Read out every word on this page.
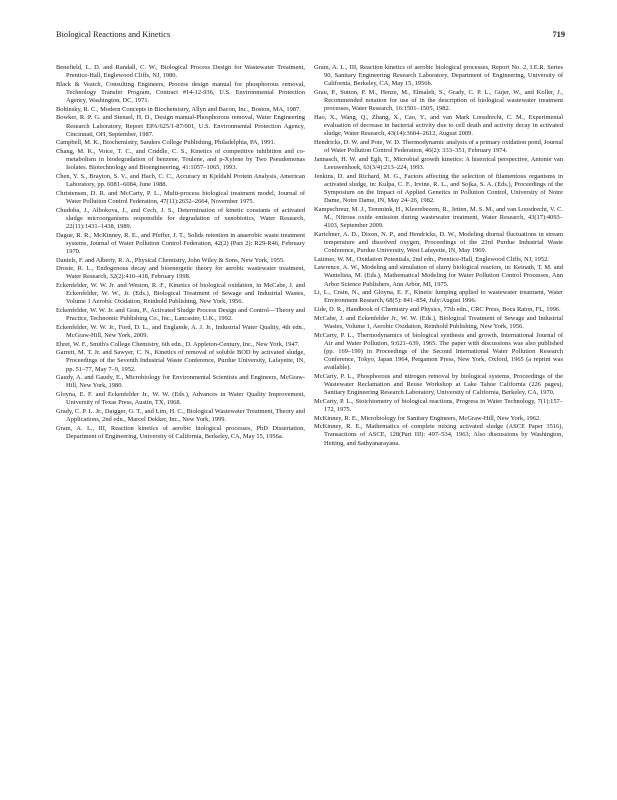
Biological Reactions and Kinetics	719

Benefield, L. D. and Randall, C. W., Biological Process Design for Wastewater Treatment, Prentice-Hall, Englewood Cliffs, NJ, 1980.

Black & Veatch, Consulting Engineers, Process design manual for phosphorous removal, Technology Transfer Program, Contract #14-12-936, U.S. Environmental Protection Agency, Washington, DC, 1971.

Bohinsky, R. C., Modern Concepts in Biochemistry, Allyn and Bacon, Inc., Boston, MA, 1987.

Bowker, R. P. G. and Stensel, H. D., Design manual-Phosphorous removal, Water Engineering Research Laboratory, Report EPA/625/1-87/001, U.S. Environmental Protection Agency, Cincinnati, OH, September, 1987.

Campbell, M. K., Biochemistry, Sanders College Publishing, Philadelphia, PA, 1991.

Chang, M. K., Voice, T. C., and Criddle, C. S., Kinetics of competitive inhibition and co-metabolism in biodegradation of benzene, Toulene, and p-Xylene by Two Pseudomonas Isolates. Biotechnology and Bioengineering, 41:1057–1065, 1993.

Chen, Y. S., Brayton, S. V., and Hach, C. C., Accuracy in Kjeldahl Protein Analysis, American Laboratory, pp. 6081–6084, June 1988.

Christensen, D. R. and McCarty, P. L., Multi-process biological treatment model, Journal of Water Pollution Control Federation, 47(11):2652–2664, November 1975.

Chudoba, J., Albokova, J., and Cech, J. S., Determination of kinetic constants of activated sludge microorganisms responsible for degradation of xenobiotics, Water Research, 22(11):1431–1438, 1989.

Dague, R. R., McKinney, R. E., and Pfeffer, J. T., Solids retention in anaerobic waste treatment systems, Journal of Water Pollution Control Federation, 42(2) (Part 2): R29-R46, February 1970.

Daniels, F. and Alberty, R. A., Physical Chemistry, John Wiley & Sons, New York, 1955.

Droste, R. L., Endogenous decay and bioenergetic theory for aerobic wastewater treatment, Water Research, 32(2):410–418, February 1998.

Eckenfelder, W. W. Jr. and Weston, R. F., Kinetics of biological oxidation, in McCabe, J. and Eckenfelder, W. W., Jr. (Eds.), Biological Treatment of Sewage and Industrial Wastes, Volume 1 Aerobic Oxidation, Reinhold Publishing, New York, 1956.

Eckenfelder, W. W. Jr. and Grau, P., Activated Sludge Process Design and Control—Theory and Practice, Technomic Publishing Co., Inc., Lancaster, U.K., 1992.

Eckenfelder, W. W. Jr., Ford, D. L., and Englande, A. J. Jr., Industrial Water Quality, 4th edn., McGraw-Hill, New York, 2009.

Ehret, W. F., Smith's College Chemistry, 6th edn., D. Appleton-Century, Inc., New York, 1947.

Garrett, M. T. Jr. and Sawyer, C. N., Kinetics of removal of soluble BOD by activated sludge, Proceedings of the Seventh Industrial Waste Conference, Purdue University, Lafayette, IN, pp. 51–77, May 7–9, 1952.

Gaudy, A. and Gaudy, E., Microbiology for Environmental Scientists and Engineers, McGraw-Hill, New York, 1980.

Gloyna, E. F. and Eckenfelder Jr., W. W. (Eds.), Advances in Water Quality Improvement, University of Texas Press, Austin, TX, 1968.

Grady, C. P. L. Jr., Daigger, G. T., and Lim, H. C., Biological Wastewater Treatment, Theory and Applications, 2nd edn., Marcel Dekker, Inc., New York, 1999.

Gram, A. L., III, Reaction kinetics of aerobic biological processes, PhD Dissertation, Department of Engineering, University of California, Berkeley, CA, May 15, 1956a.

Gram, A. L., III, Reaction kinetics of aerobic biological processes, Report No. 2, I.E.R. Series 90, Sanitary Engineering Research Laboratory, Department of Engineering, University of California, Berkeley, CA, May 15, 1956b.

Grau, P., Sutton, P. M., Henze, M., Elmaleh, S., Grady, C. P. L., Gujer, W., and Koller, J., Recommended notation for use of in the description of biological wastewater treatment processes, Water Research, 16:1501–1505, 1982.

Hao, X., Wang, Q., Zhang, X., Cao, Y., and van Mark Loosdrecht, C. M., Experimental evaluation of decrease in bacterial activity due to cell death and activity decay in activated sludge, Water Research, 43(14):3604–2612, August 2009.

Hendricks, D. W. and Pote, W. D. Thermodynamic analysis of a primary oxidation pond, Journal of Water Pollution Control Federation, 46(2): 333–351, February 1974.

Jannasch, H. W. and Egli, T., Microbial growth kinetics: A historical perspective, Antonie van Leeuwenhoek, 63(3/4):213–224, 1993.

Jenkins, D. and Richard, M. G., Factors affecting the selection of filamentous organisms in activated sludge, in: Kulpa, C. F., Irvine, R. L., and Sojka, S. A. (Eds.), Proceedings of the Symposium on the Impact of Applied Genetics in Pollution Control, University of Notre Dame, Notre Dame, IN, May 24–26, 1982.

Kampschreur, M. J., Temmink, H., Kleerebezem, R., Jetten, M. S. M., and van Loosdrecht, V. C. M., Nitrous oxide emission during wastewater treatment, Water Research, 43(17):4093–4103, September 2009.

Kartchner, A. D., Dixon, N. P., and Hendricks, D. W., Modeling diurnal fluctuations in stream temperature and dissolved oxygen, Proceedings of the 23rd Purdue Industrial Waste Conference, Purdue University, West Lafayette, IN, May 1969.

Latimer, W. M., Oxidation Potentials, 2nd edn., Prentice-Hall, Englewood Cliffs, NJ, 1952.

Lawrence, A. W., Modeling and simulation of slurry biological reactors, in: Keinath, T. M. and Wanielista, M. (Eds.), Mathematical Modeling for Water Pollution Control Processes, Ann Arbor Science Publishers, Ann Arbor, MI, 1975.

Li, L., Crain, N., and Gloyna, E. F., Kinetic lumping applied to wastewater treatment, Water Environment Research, 68(5): 841–854, July/August 1996.

Lide, D. R., Handbook of Chemistry and Physics, 77th edn., CRC Press, Boca Raton, FL, 1996.

McCabe, J. and Eckenfelder Jr., W. W. (Eds.), Biological Treatment of Sewage and Industrial Wastes, Volume 1, Aerobic Oxidation, Reinhold Publishing, New York, 1956.

McCarty, P. L., Thermodynamics of biological synthesis and growth, International Journal of Air and Water Pollution, 9:621–639, 1965. The paper with discussions was also published (pp. 169–199) in Proceedings of the Second International Water Pollution Research Conference, Tokyo, Japan 1964, Pergamon Press, New York, Oxford, 1965 (a reprint was available).

McCarty, P. L., Phosphorous and nitrogen removal by biological systems, Proceedings of the Wastewater Reclamation and Reuse Workshop at Lake Tahoe California (226 pages), Sanitary Engineering Research Laboratory, University of California, Berkeley, CA, 1970.

McCarty, P. L., Stoichiometry of biological reactions, Progress in Water Technology, 7(1):157–172, 1975.

McKinney, R. E., Microbiology for Sanitary Engineers, McGraw-Hill, New York, 1962.

McKinney, R. E., Mathematics of complete mixing activated sludge (ASCE Paper 3516), Transactions of ASCE, 128(Part III): 497–534, 1963; Also discussions by Washington, Hetting, and Sathyanarayana.
